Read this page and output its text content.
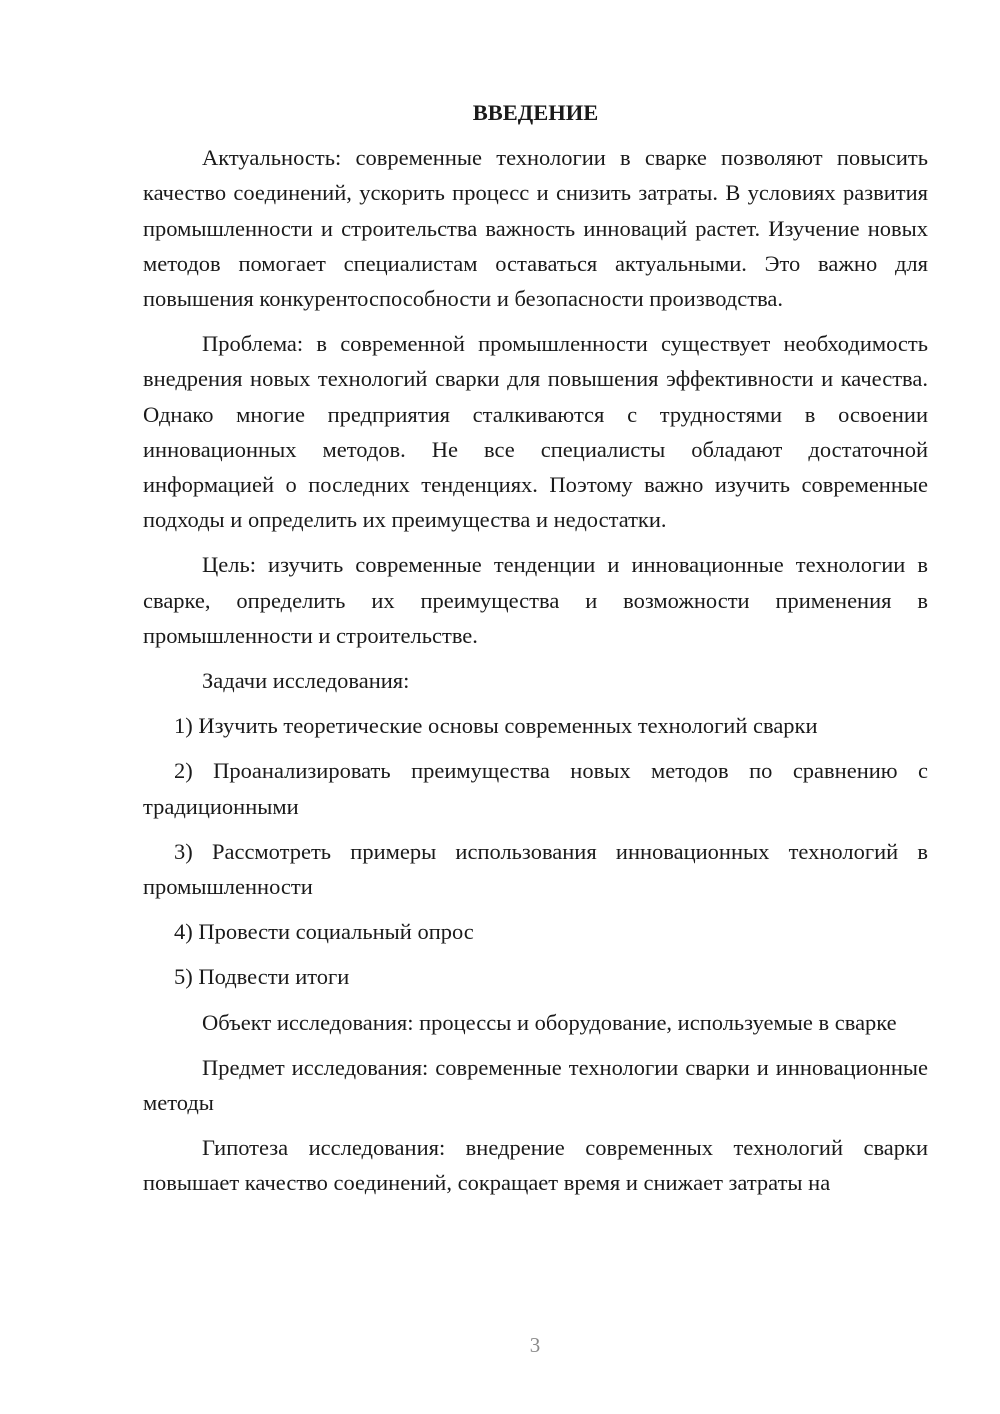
ВВЕДЕНИЕ

Актуальность: современные технологии в сварке позволяют повысить качество соединений, ускорить процесс и снизить затраты. В условиях развития промышленности и строительства важность инноваций растет. Изучение новых методов помогает специалистам оставаться актуальными. Это важно для повышения конкурентоспособности и безопасности производства.

Проблема: в современной промышленности существует необходимость внедрения новых технологий сварки для повышения эффективности и качества. Однако многие предприятия сталкиваются с трудностями в освоении инновационных методов. Не все специалисты обладают достаточной информацией о последних тенденциях. Поэтому важно изучить современные подходы и определить их преимущества и недостатки.

Цель: изучить современные тенденции и инновационные технологии в сварке, определить их преимущества и возможности применения в промышленности и строительстве.

Задачи исследования:

1) Изучить теоретические основы современных технологий сварки

2) Проанализировать преимущества новых методов по сравнению с традиционными

3) Рассмотреть примеры использования инновационных технологий в промышленности

4) Провести социальный опрос

5) Подвести итоги

Объект исследования: процессы и оборудование, используемые в сварке

Предмет исследования: современные технологии сварки и инновационные методы

Гипотеза исследования: внедрение современных технологий сварки повышает качество соединений, сокращает время и снижает затраты на

3
